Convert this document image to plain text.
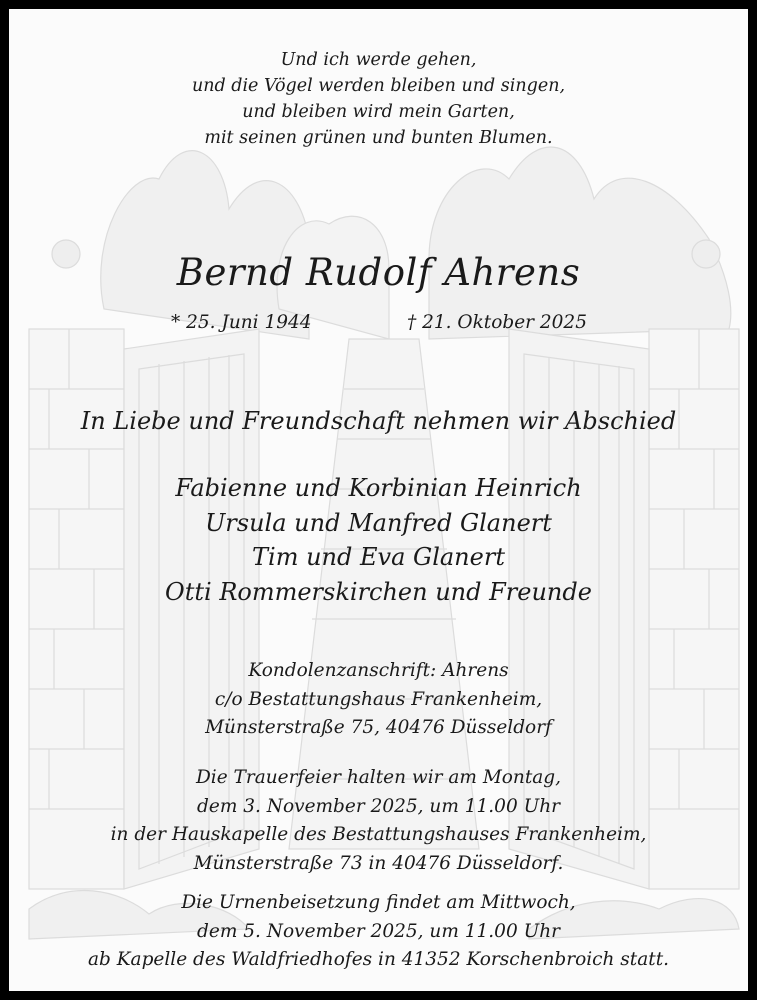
Und ich werde gehen,
und die Vögel werden bleiben und singen,
und bleiben wird mein Garten,
mit seinen grünen und bunten Blumen.
Bernd Rudolf Ahrens
* 25. Juni 1944	† 21. Oktober 2025
In Liebe und Freundschaft nehmen wir Abschied
Fabienne und Korbinian Heinrich
Ursula und Manfred Glanert
Tim und Eva Glanert
Otti Rommerskirchen und Freunde
Kondolenzanschrift: Ahrens
c/o Bestattungshaus Frankenheim,
Münsterstraße 75, 40476 Düsseldorf
Die Trauerfeier halten wir am Montag,
dem 3. November 2025, um 11.00 Uhr
in der Hauskapelle des Bestattungshauses Frankenheim,
Münsterstraße 73 in 40476 Düsseldorf.
Die Urnenbeisetzung findet am Mittwoch,
dem 5. November 2025, um 11.00 Uhr
ab Kapelle des Waldfriedhofes in 41352 Korschenbroich statt.
